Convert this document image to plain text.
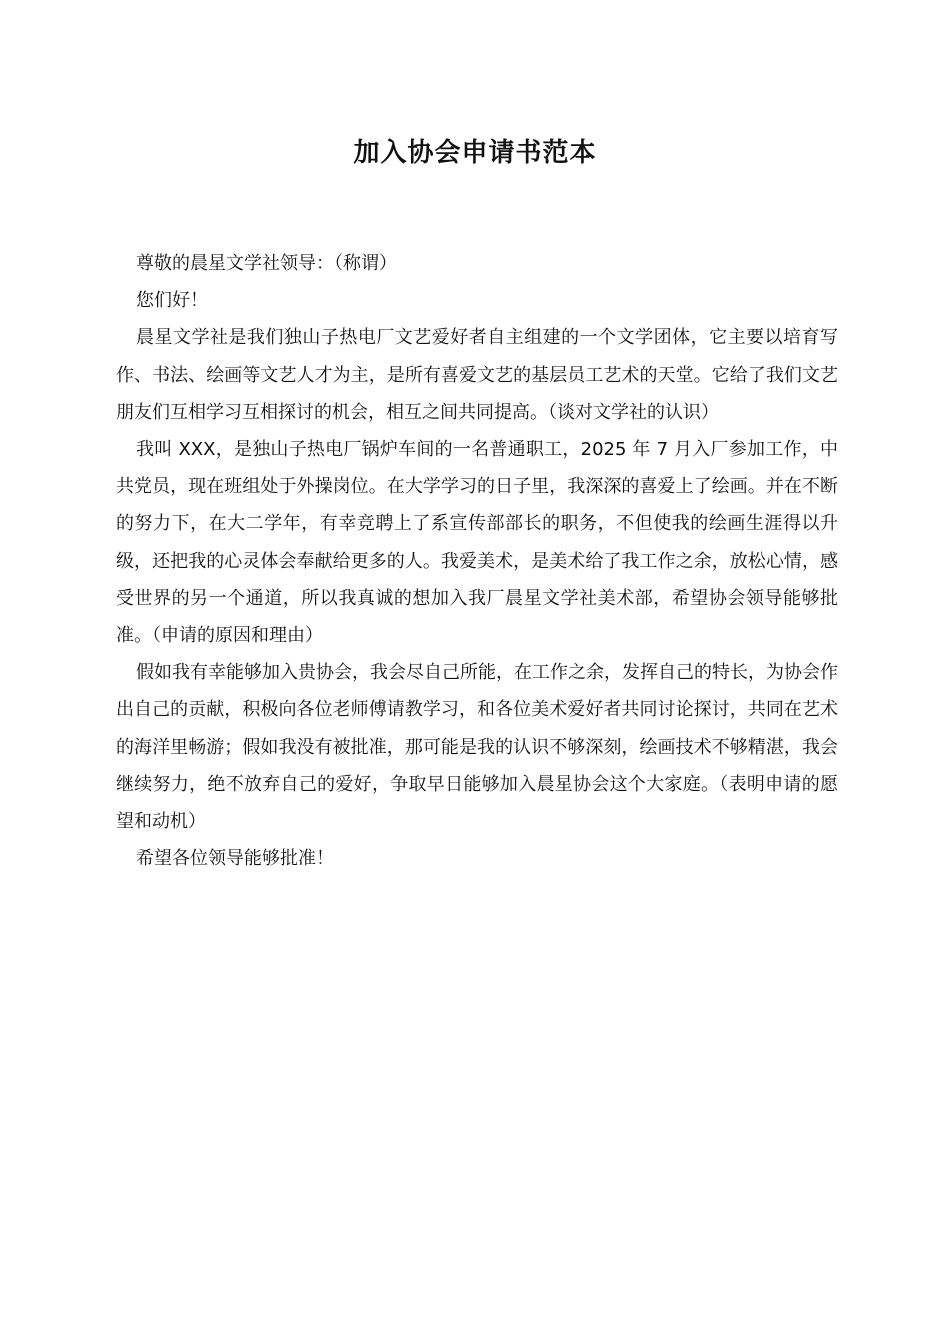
加入协会申请书范本

尊敬的晨星文学社领导：（称谓）

您们好！

晨星文学社是我们独山子热电厂文艺爱好者自主组建的一个文学团体，它主要以培育写作、书法、绘画等文艺人才为主，是所有喜爱文艺的基层员工艺术的天堂。它给了我们文艺朋友们互相学习互相探讨的机会，相互之间共同提高。（谈对文学社的认识）

我叫 XXX，是独山子热电厂锅炉车间的一名普通职工，2025 年 7 月入厂参加工作，中共党员，现在班组处于外操岗位。在大学学习的日子里，我深深的喜爱上了绘画。并在不断的努力下，在大二学年，有幸竞聘上了系宣传部部长的职务，不但使我的绘画生涯得以升级，还把我的心灵体会奉献给更多的人。我爱美术，是美术给了我工作之余，放松心情，感受世界的另一个通道，所以我真诚的想加入我厂晨星文学社美术部，希望协会领导能够批准。（申请的原因和理由）

假如我有幸能够加入贵协会，我会尽自己所能，在工作之余，发挥自己的特长，为协会作出自己的贡献，积极向各位老师傅请教学习，和各位美术爱好者共同讨论探讨，共同在艺术的海洋里畅游；假如我没有被批准，那可能是我的认识不够深刻，绘画技术不够精湛，我会继续努力，绝不放弃自己的爱好，争取早日能够加入晨星协会这个大家庭。（表明申请的愿望和动机）

希望各位领导能够批准！
